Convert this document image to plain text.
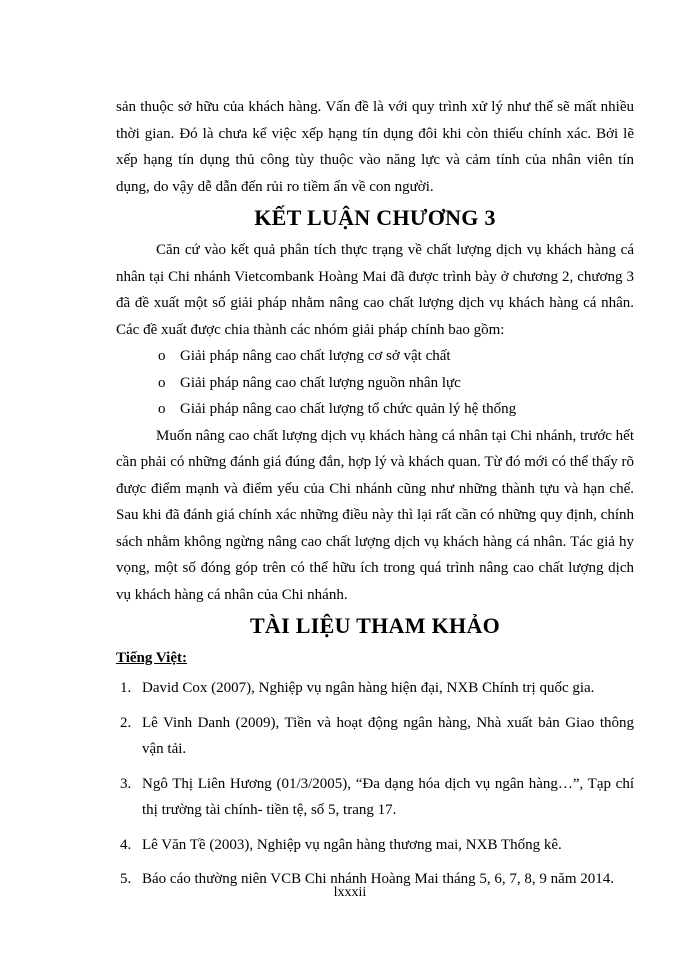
sản thuộc sở hữu của khách hàng. Vấn đề là với quy trình xử lý như thế sẽ mất nhiều thời gian. Đó là chưa kể việc xếp hạng tín dụng đôi khi còn thiếu chính xác. Bởi lẽ xếp hạng tín dụng thủ công tùy thuộc vào năng lực và cảm tính của nhân viên tín dụng, do vậy dễ dẫn đến rủi ro tiềm ẩn về con người.

KẾT LUẬN CHƯƠNG 3

Căn cứ vào kết quả phân tích thực trạng về chất lượng dịch vụ khách hàng cá nhân tại Chi nhánh Vietcombank Hoàng Mai đã được trình bày ở chương 2, chương 3 đã đề xuất một số giải pháp nhằm nâng cao chất lượng dịch vụ khách hàng cá nhân. Các đề xuất được chia thành các nhóm giải pháp chính bao gồm:

o Giải pháp nâng cao chất lượng cơ sở vật chất
o Giải pháp nâng cao chất lượng nguồn nhân lực
o Giải pháp nâng cao chất lượng tổ chức quản lý hệ thống

Muốn nâng cao chất lượng dịch vụ khách hàng cá nhân tại Chi nhánh, trước hết cần phải có những đánh giá đúng đắn, hợp lý và khách quan. Từ đó mới có thể thấy rõ được điểm mạnh và điểm yếu của Chi nhánh cũng như những thành tựu và hạn chế. Sau khi đã đánh giá chính xác những điều này thì lại rất cần có những quy định, chính sách nhằm không ngừng nâng cao chất lượng dịch vụ khách hàng cá nhân. Tác giả hy vọng, một số đóng góp trên có thể hữu ích trong quá trình nâng cao chất lượng dịch vụ khách hàng cá nhân của Chi nhánh.

TÀI LIỆU THAM KHẢO
Tiếng Việt:
1. David Cox (2007), Nghiệp vụ ngân hàng hiện đại, NXB Chính trị quốc gia.
2. Lê Vinh Danh (2009), Tiền và hoạt động ngân hàng, Nhà xuất bản Giao thông vận tải.
3. Ngô Thị Liên Hương (01/3/2005), “Đa dạng hóa dịch vụ ngân hàng…”, Tạp chí thị trường tài chính- tiền tệ, số 5, trang 17.
4. Lê Văn Tề (2003), Nghiệp vụ ngân hàng thương mai, NXB Thống kê.
5. Báo cáo thường niên VCB Chi nhánh Hoàng Mai tháng 5, 6, 7, 8, 9 năm 2014.
lxxxii
